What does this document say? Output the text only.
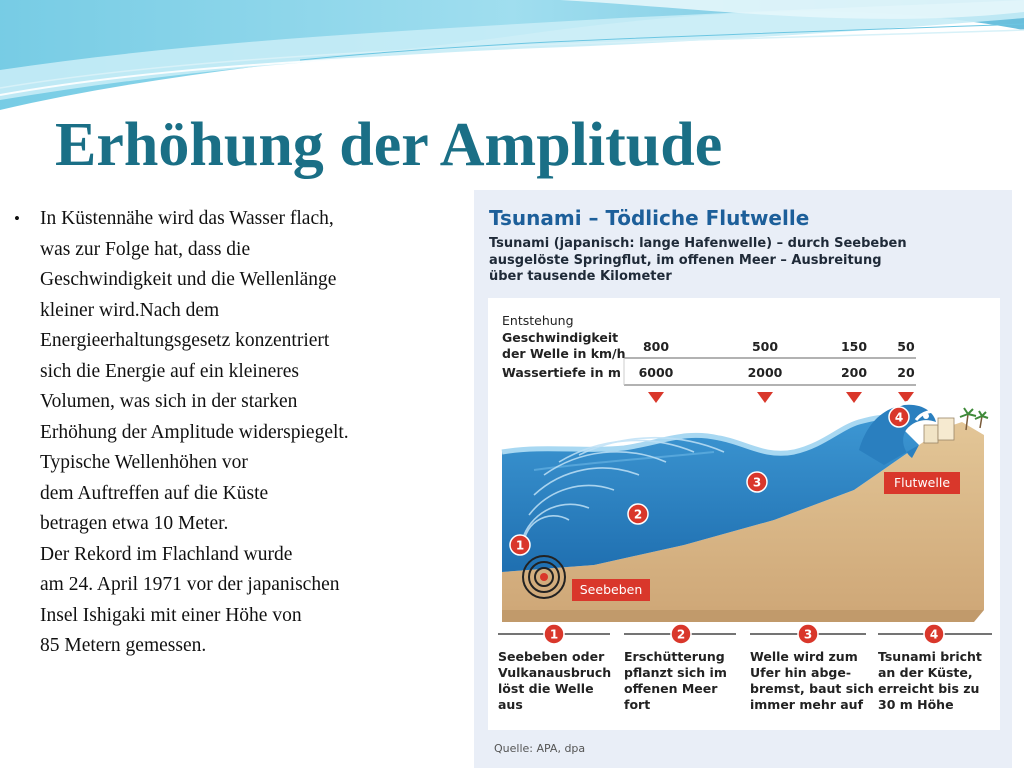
Erhöhung der Amplitude
• In Küstennähe wird das Wasser flach,
was zur Folge hat, dass die
Geschwindigkeit und die Wellenlänge
kleiner wird.Nach dem
Energieerhaltungsgesetz konzentriert
sich die Energie auf ein kleineres
Volumen, was sich in der starken
Erhöhung der Amplitude widerspiegelt.
Typische Wellenhöhen vor
dem Auftreffen auf die Küste
betragen etwa 10 Meter.
Der Rekord im Flachland wurde
am 24. April 1971 vor der japanischen
Insel Ishigaki mit einer Höhe von
85 Metern gemessen.
Entstehung
Geschwindigkeit
der Welle in km/h
Wassertiefe in m
800	500	150 50
6000	2000	200 20
Seebeben
Flutwelle
1
2
3
4
1
Seebeben oder
Vulkanausbruch
löst die Welle
aus
2
Erschütterung
pflanzt sich im
offenen Meer
fort
3
Welle wird zum
Ufer hin abge-
bremst, baut sich
immer mehr auf
4
Tsunami bricht
an der Küste,
erreicht bis zu
30 m Höhe
Quelle: APA, dpa
Tsunami – Tödliche Flutwelle
Tsunami (japanisch: lange Hafenwelle) – durch Seebeben
ausgelöste Springflut, im offenen Meer – Ausbreitung
über tausende Kilometer
